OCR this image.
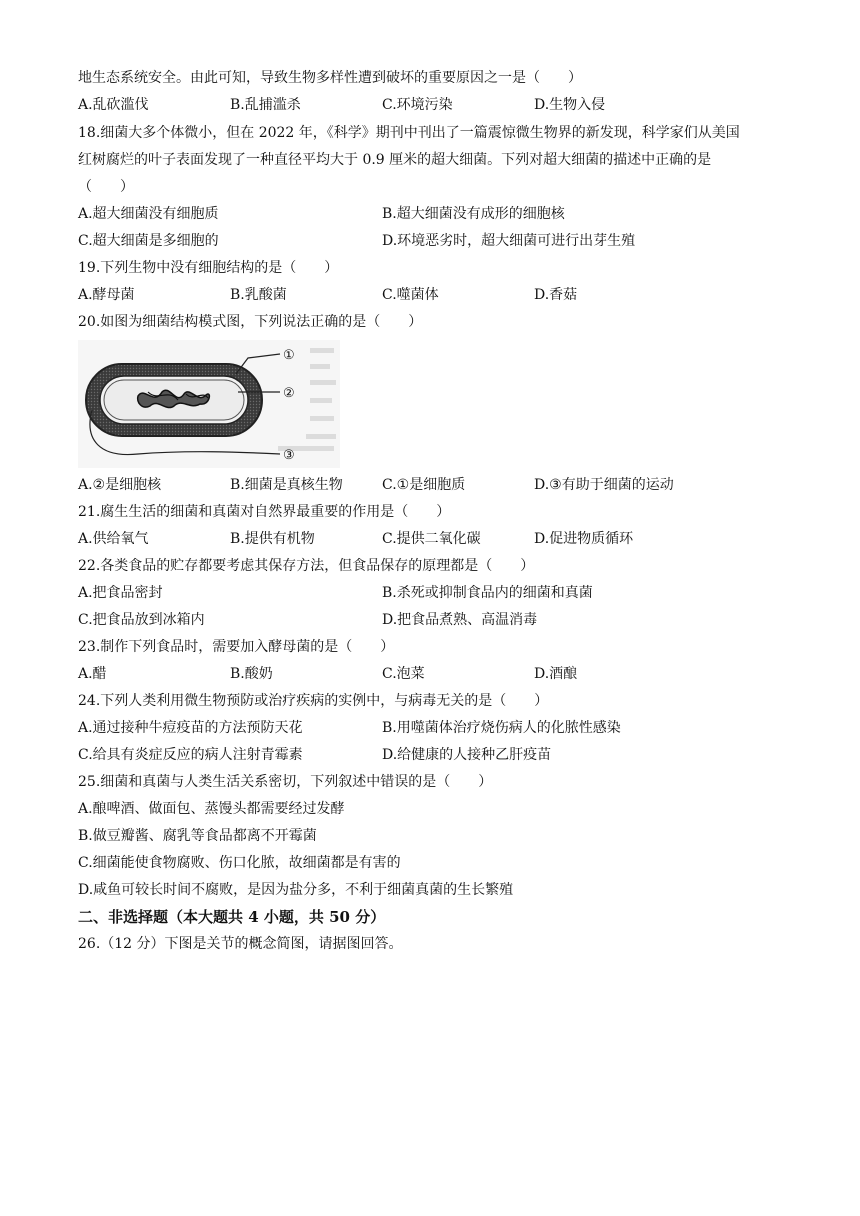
地生态系统安全。由此可知，导致生物多样性遭到破坏的重要原因之一是（　　）
A.乱砍滥伐	B.乱捕滥杀	C.环境污染	D.生物入侵
18.细菌大多个体微小，但在 2022 年，《科学》期刊中刊出了一篇震惊微生物界的新发现，科学家们从美国
红树腐烂的叶子表面发现了一种直径平均大于 0.9 厘米的超大细菌。下列对超大细菌的描述中正确的是
（　　）
A.超大细菌没有细胞质	B.超大细菌没有成形的细胞核
C.超大细菌是多细胞的	D.环境恶劣时，超大细菌可进行出芽生殖
19.下列生物中没有细胞结构的是（　　）
A.酵母菌	B.乳酸菌	C.噬菌体	D.香菇
20.如图为细菌结构模式图，下列说法正确的是（　　）
①
②
③
A.②是细胞核	B.细菌是真核生物	C.①是细胞质	D.③有助于细菌的运动
21.腐生生活的细菌和真菌对自然界最重要的作用是（　　）
A.供给氧气	B.提供有机物	C.提供二氧化碳	D.促进物质循环
22.各类食品的贮存都要考虑其保存方法，但食品保存的原理都是（　　）
A.把食品密封	B.杀死或抑制食品内的细菌和真菌
C.把食品放到冰箱内	D.把食品煮熟、高温消毒
23.制作下列食品时，需要加入酵母菌的是（　　）
A.醋	B.酸奶	C.泡菜	D.酒酿
24.下列人类利用微生物预防或治疗疾病的实例中，与病毒无关的是（　　）
A.通过接种牛痘疫苗的方法预防天花	B.用噬菌体治疗烧伤病人的化脓性感染
C.给具有炎症反应的病人注射青霉素	D.给健康的人接种乙肝疫苗
25.细菌和真菌与人类生活关系密切，下列叙述中错误的是（　　）
A.酿啤酒、做面包、蒸馒头都需要经过发酵
B.做豆瓣酱、腐乳等食品都离不开霉菌
C.细菌能使食物腐败、伤口化脓，故细菌都是有害的
D.咸鱼可较长时间不腐败，是因为盐分多，不利于细菌真菌的生长繁殖
二、非选择题（本大题共 4 小题，共 50 分）
26.（12 分）下图是关节的概念简图，请据图回答。
